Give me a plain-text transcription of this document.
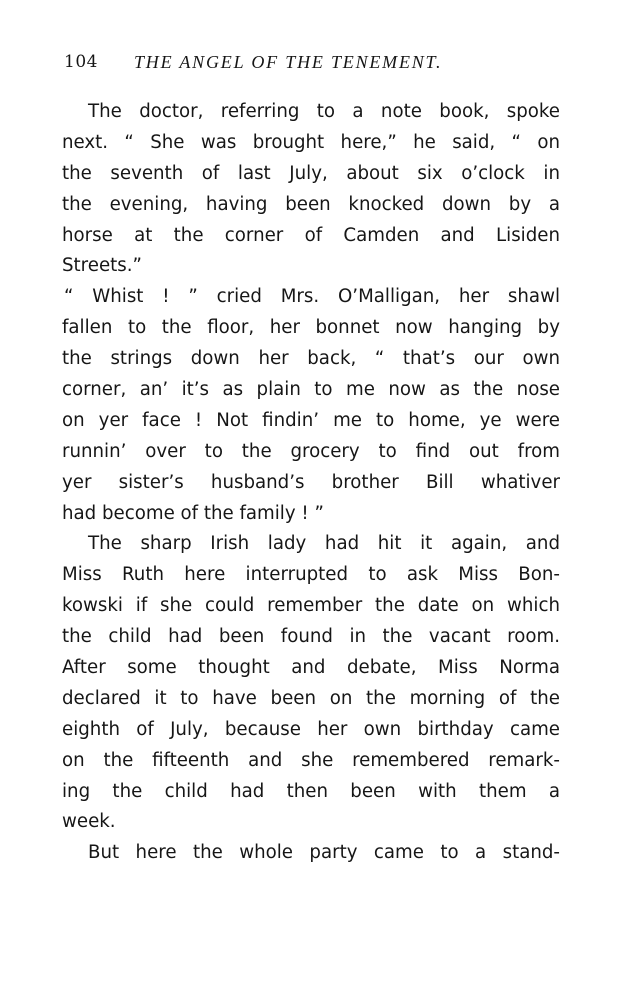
104 THE ANGEL OF THE TENEMENT.
The doctor, referring to a note book, spoke
next. “ She was brought here,” he said, “ on
the seventh of last July, about six o’clock in
the evening, having been knocked down by a
horse at the corner of Camden and Lisiden
Streets.”
“ Whist ! ” cried Mrs. O’Malligan, her shawl
fallen to the floor, her bonnet now hanging by
the strings down her back, “ that’s our own
corner, an’ it’s as plain to me now as the nose
on yer face ! Not findin’ me to home, ye were
runnin’ over to the grocery to find out from
yer sister’s husband’s brother Bill whativer
had become of the family ! ”
The sharp Irish lady had hit it again, and
Miss Ruth here interrupted to ask Miss Bon-
kowski if she could remember the date on which
the child had been found in the vacant room.
After some thought and debate, Miss Norma
declared it to have been on the morning of the
eighth of July, because her own birthday came
on the fifteenth and she remembered remark-
ing the child had then been with them a
week.
But here the whole party came to a stand-
